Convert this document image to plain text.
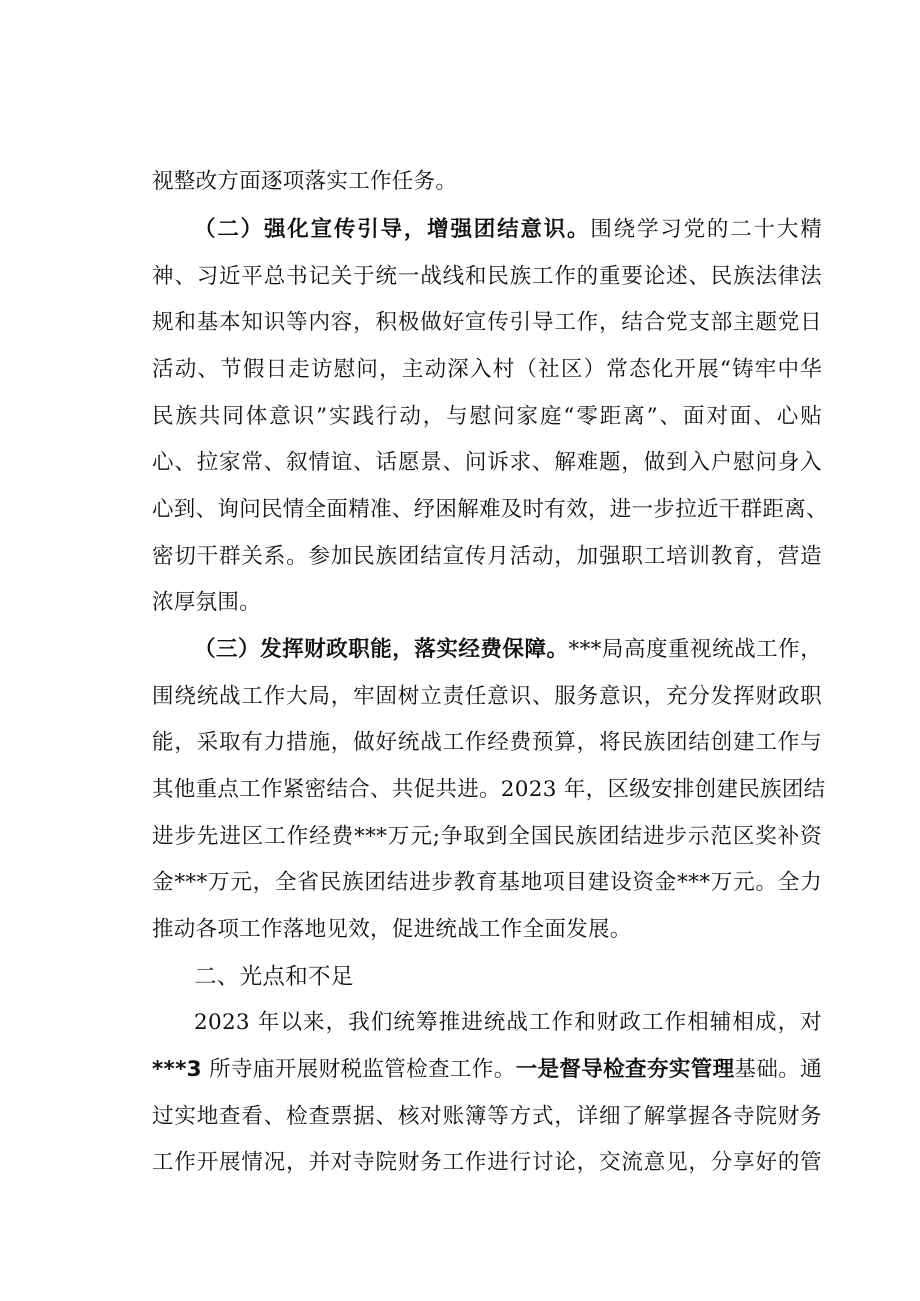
视整改方面逐项落实工作任务。
（二）强化宣传引导，增强团结意识。围绕学习党的二十大精
神、习近平总书记关于统一战线和民族工作的重要论述、民族法律法
规和基本知识等内容，积极做好宣传引导工作，结合党支部主题党日
活动、节假日走访慰问，主动深入村（社区）常态化开展“铸牢中华
民族共同体意识”实践行动，与慰问家庭“零距离”、面对面、心贴
心、拉家常、叙情谊、话愿景、问诉求、解难题，做到入户慰问身入
心到、询问民情全面精准、纾困解难及时有效，进一步拉近干群距离、
密切干群关系。参加民族团结宣传月活动，加强职工培训教育，营造
浓厚氛围。
（三）发挥财政职能，落实经费保障。***局高度重视统战工作，
围绕统战工作大局，牢固树立责任意识、服务意识，充分发挥财政职
能，采取有力措施，做好统战工作经费预算，将民族团结创建工作与
其他重点工作紧密结合、共促共进。2023 年，区级安排创建民族团结
进步先进区工作经费***万元;争取到全国民族团结进步示范区奖补资
金***万元，全省民族团结进步教育基地项目建设资金***万元。全力
推动各项工作落地见效，促进统战工作全面发展。
二、光点和不足
2023 年以来，我们统筹推进统战工作和财政工作相辅相成，对
***3 所寺庙开展财税监管检查工作。一是督导检查夯实管理基础。通
过实地查看、检查票据、核对账簿等方式，详细了解掌握各寺院财务
工作开展情况，并对寺院财务工作进行讨论，交流意见，分享好的管
